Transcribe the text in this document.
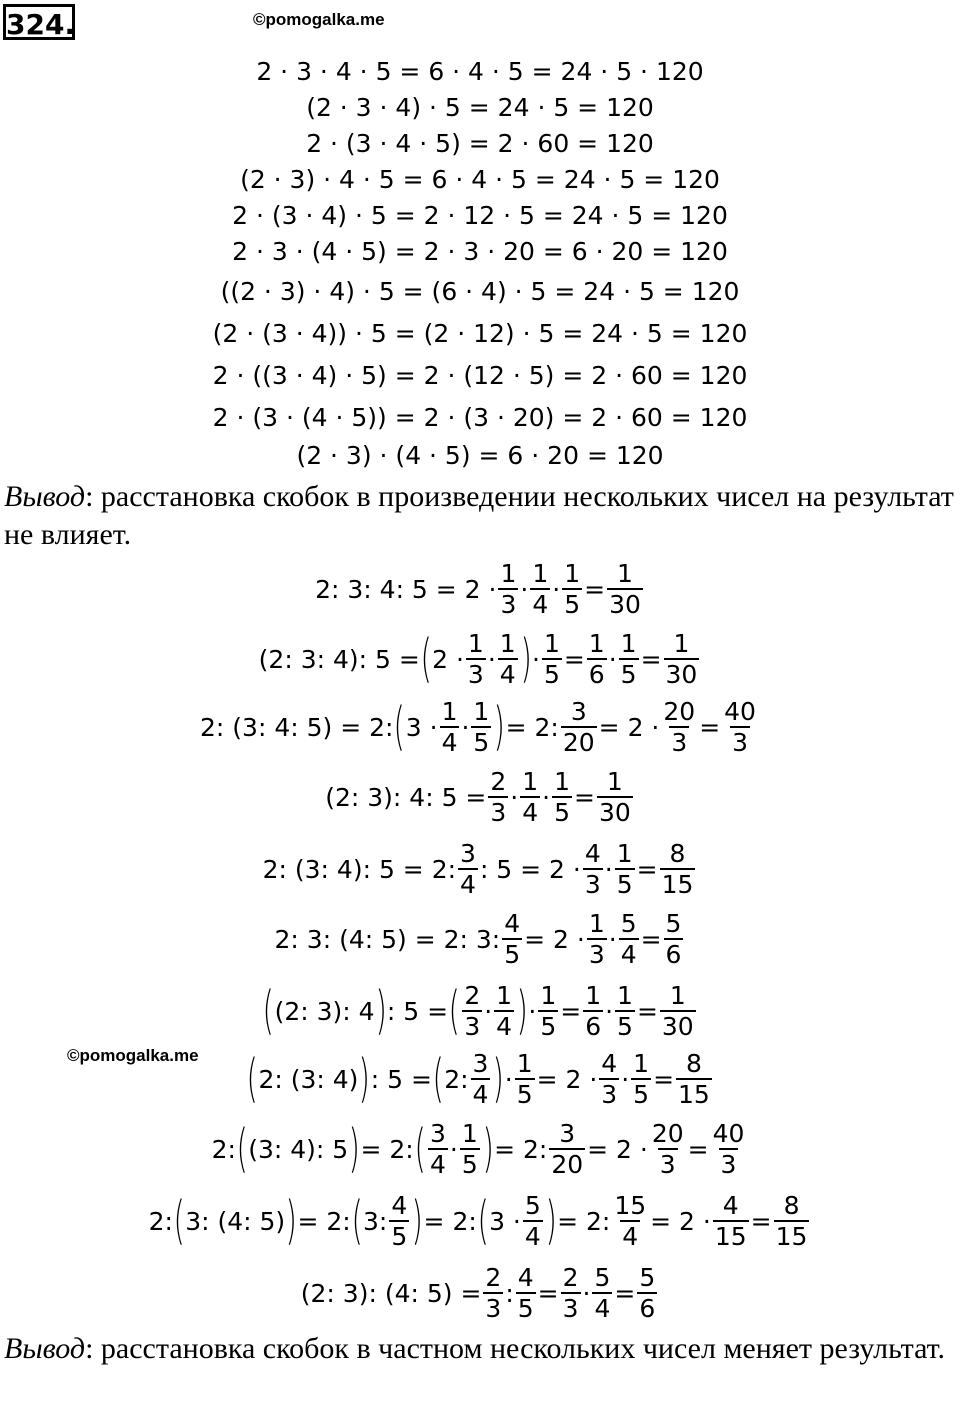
324.	©pomogalka.me
2 · 3 · 4 · 5 = 6 · 4 · 5 = 24 · 5 · 120
(2 · 3 · 4) · 5 = 24 · 5 = 120
2 · (3 · 4 · 5) = 2 · 60 = 120
(2 · 3) · 4 · 5 = 6 · 4 · 5 = 24 · 5 = 120
2 · (3 · 4) · 5 = 2 · 12 · 5 = 24 · 5 = 120
2 · 3 · (4 · 5) = 2 · 3 · 20 = 6 · 20 = 120
((2 · 3) · 4) · 5 = (6 · 4) · 5 = 24 · 5 = 120
(2 · (3 · 4)) · 5 = (2 · 12) · 5 = 24 · 5 = 120
2 · ((3 · 4) · 5) = 2 · (12 · 5) = 2 · 60 = 120
2 · (3 · (4 · 5)) = 2 · (3 · 20) = 2 · 60 = 120
(2 · 3) · (4 · 5) = 6 · 20 = 120
Вывод: расстановка скобок в произведении нескольких чисел на результат не влияет.
2: 3: 4: $5 = 2 \cdot \frac{1}{3} \cdot \frac{1}{4} \cdot \frac{1}{5} = \frac{1}{30}$
(2: 3: 4): 5 = ( $2 \cdot \frac{1}{3} \cdot \frac{1}{4}$ ) · $\frac{1}{5} = \frac{1}{6} \cdot \frac{1}{5} = \frac{1}{30}$
2: (3: 4: 5) = 2: ( $3 \cdot \frac{1}{4} \cdot \frac{1}{5}$ ) = 2: $\frac{3}{20} = 2 \cdot \frac{20}{3} = \frac{40}{3}$
(2: 3): 4: $5 = \frac{2}{3} \cdot \frac{1}{4} \cdot \frac{1}{5} = \frac{1}{30}$
2: (3: 4): 5 = 2: $\frac{3}{4}$ : $5 = 2 \cdot \frac{4}{3} \cdot \frac{1}{5} = \frac{8}{15}$
2: 3: (4: 5) = 2: 3: $\frac{4}{5} = 2 \cdot \frac{1}{3} \cdot \frac{5}{4} = \frac{5}{6}$
( (2: 3): 4 ) : 5 = ( $\frac{2}{3} \cdot \frac{1}{4}$ ) · $\frac{1}{5} = \frac{1}{6} \cdot \frac{1}{5} = \frac{1}{30}$
©pomogalka.me ( 2: (3: 4) ) : 5 = ( 2: $\frac{3}{4}$ ) · $\frac{1}{5} = 2 \cdot \frac{4}{3} \cdot \frac{1}{5} = \frac{8}{15}$
2: ( (3: 4): 5 ) = 2: ( $\frac{3}{4} \cdot \frac{1}{5}$ ) = 2: $\frac{3}{20} = 2 \cdot \frac{20}{3} = \frac{40}{3}$
2: ( 3: (4: 5) ) = 2: ( 3: $\frac{4}{5}$ ) = 2: ( $3 \cdot \frac{5}{4}$ ) = 2: $\frac{15}{4} = 2 \cdot \frac{4}{15} = \frac{8}{15}$
(2: 3): (4: $5) = \frac{2}{3}$ : $\frac{4}{5} = \frac{2}{3} \cdot \frac{5}{4} = \frac{5}{6}$
Вывод: расстановка скобок в частном нескольких чисел меняет результат.
